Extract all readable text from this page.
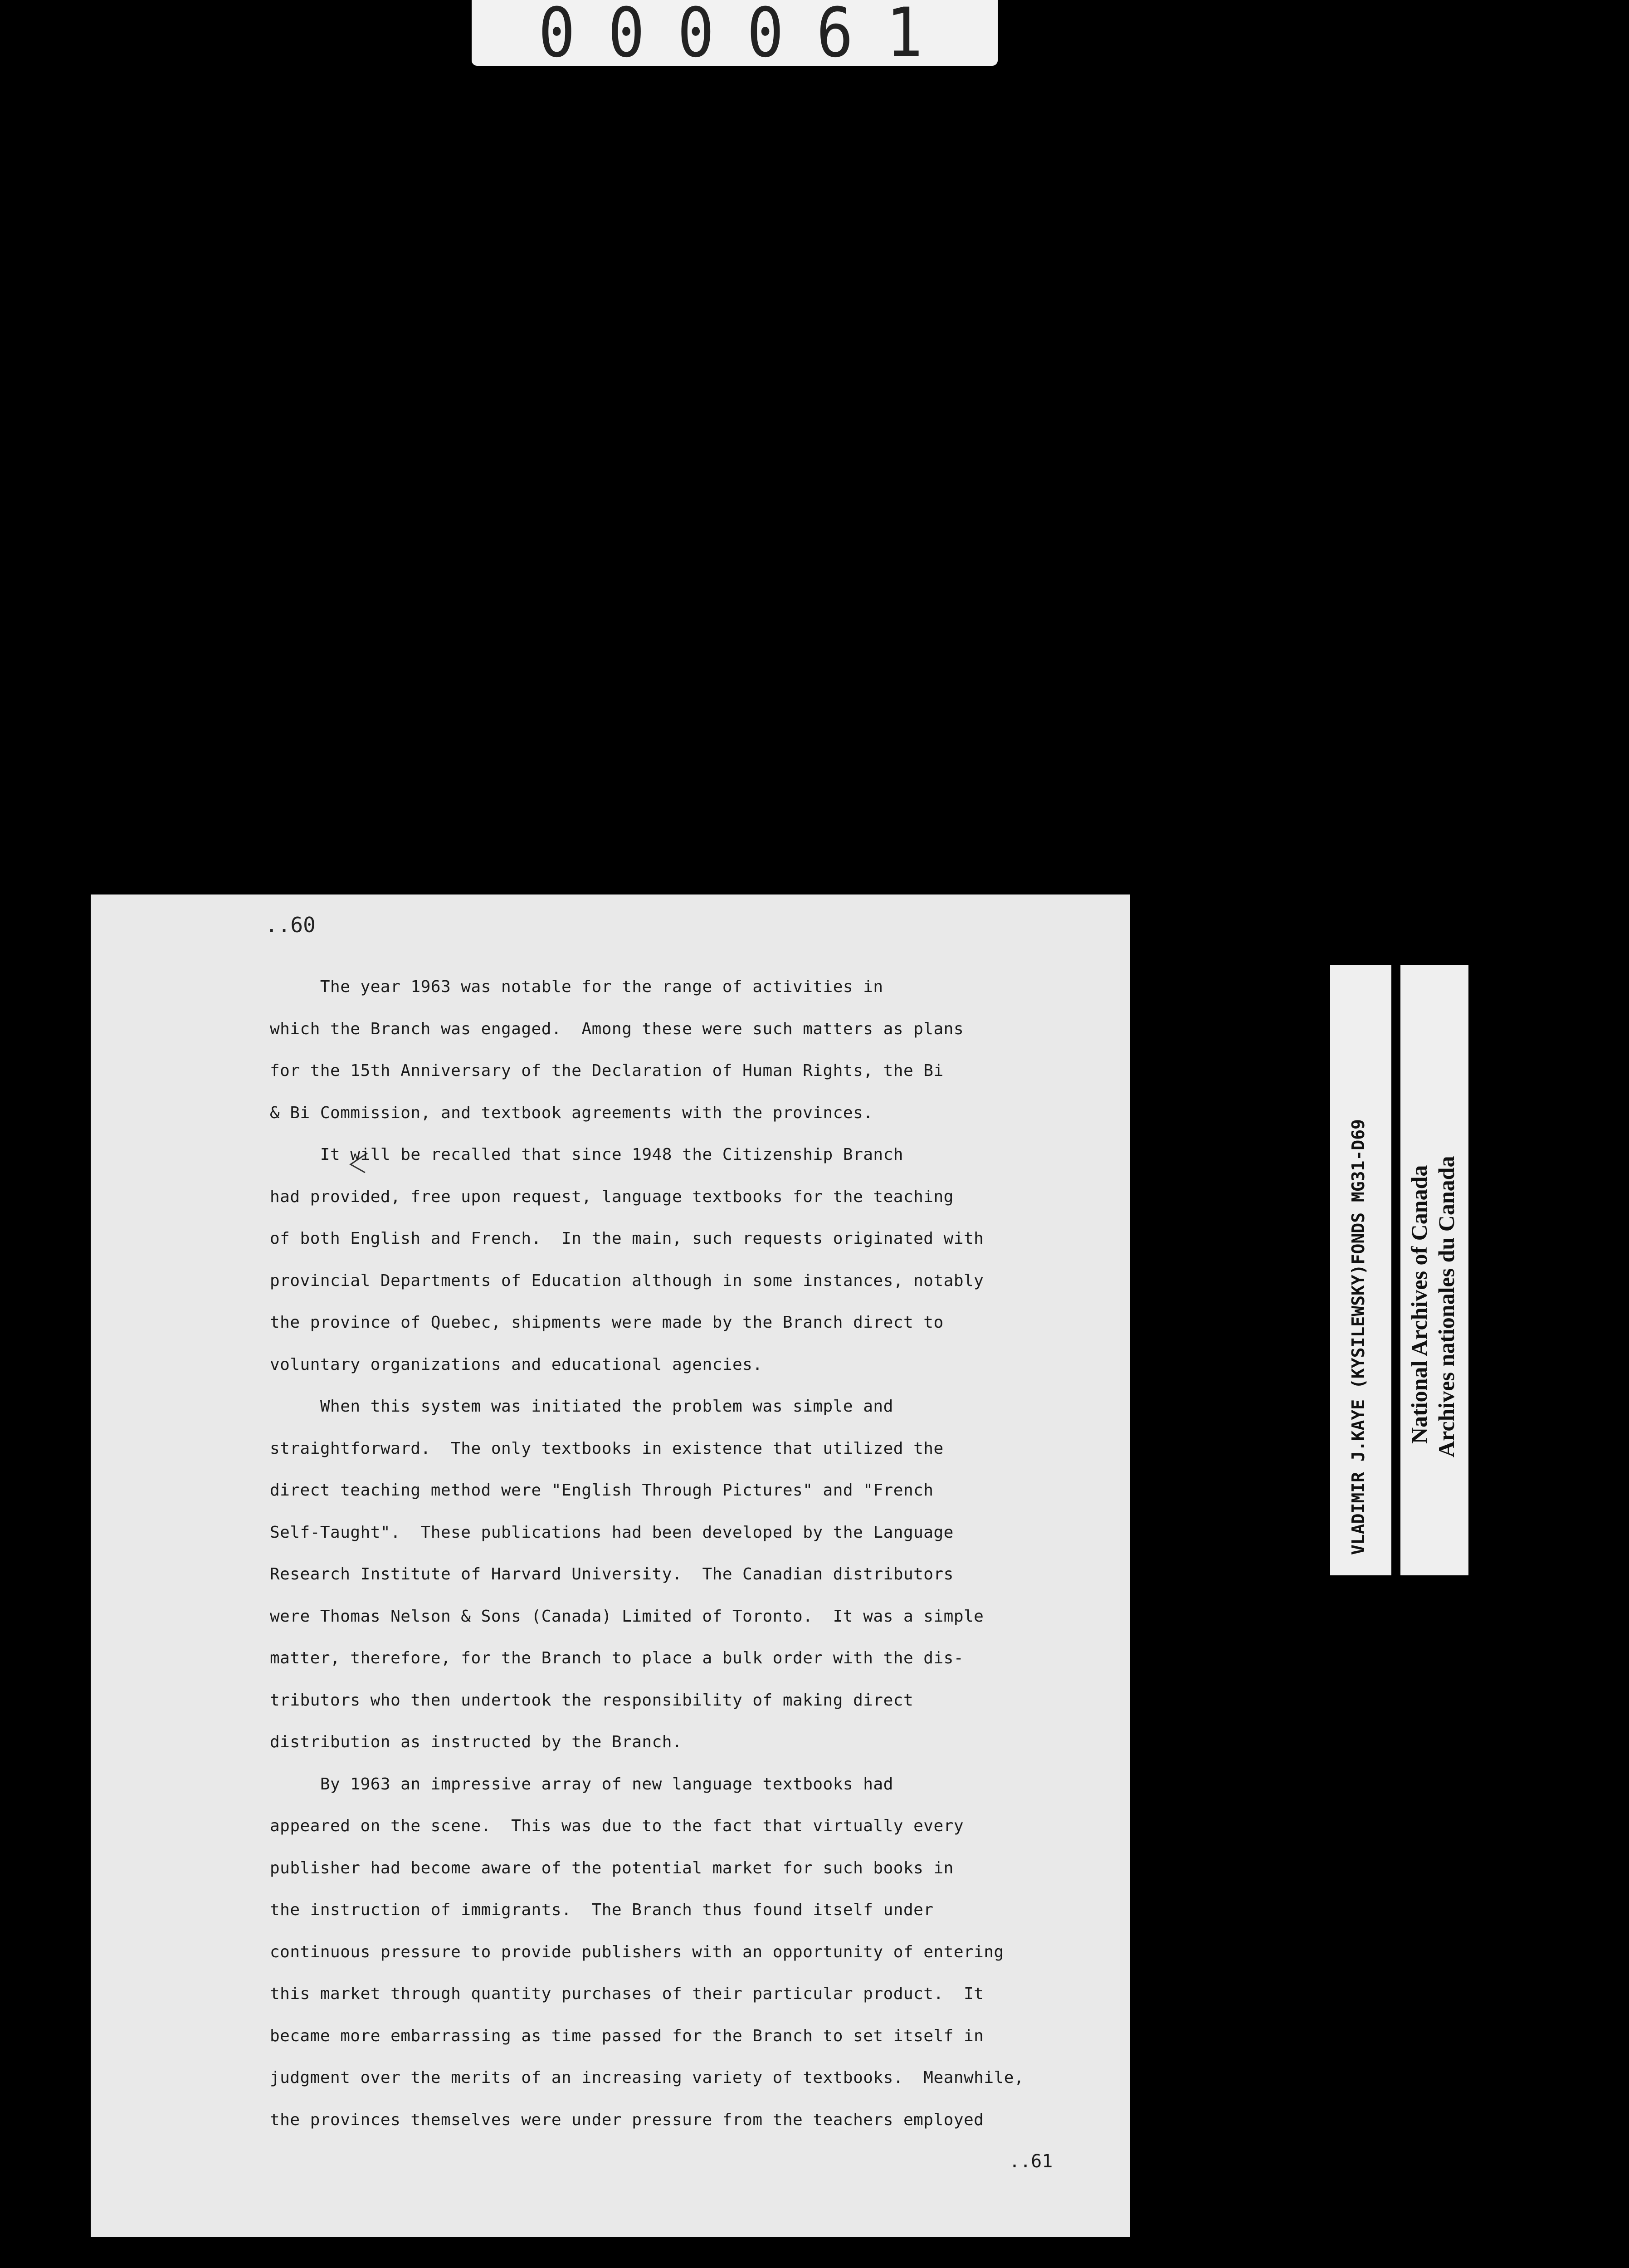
000061
..60

The year 1963 was notable for the range of activities in

which the Branch was engaged.  Among these were such matters as plans

for the 15th Anniversary of the Declaration of Human Rights, the Bi

& Bi Commission, and textbook agreements with the provinces.

It will be recalled that since 1948 the Citizenship Branch

had provided, free upon request, language textbooks for the teaching

of both English and French.  In the main, such requests originated with

provincial Departments of Education although in some instances, notably

the province of Quebec, shipments were made by the Branch direct to

voluntary organizations and educational agencies.

When this system was initiated the problem was simple and

straightforward.  The only textbooks in existence that utilized the

direct teaching method were "English Through Pictures" and "French

Self-Taught".  These publications had been developed by the Language

Research Institute of Harvard University.  The Canadian distributors

were Thomas Nelson & Sons (Canada) Limited of Toronto.  It was a simple

matter, therefore, for the Branch to place a bulk order with the dis-

tributors who then undertook the responsibility of making direct

distribution as instructed by the Branch.

By 1963 an impressive array of new language textbooks had

appeared on the scene.  This was due to the fact that virtually every

publisher had become aware of the potential market for such books in

the instruction of immigrants.  The Branch thus found itself under

continuous pressure to provide publishers with an opportunity of entering

this market through quantity purchases of their particular product.  It

became more embarrassing as time passed for the Branch to set itself in

judgment over the merits of an increasing variety of textbooks.  Meanwhile,

the provinces themselves were under pressure from the teachers employed

..61
VLADIMIR J.KAYE (KYSILEWSKY)FONDS MG31-D69 National Archives of Canada Archives nationales du Canada
